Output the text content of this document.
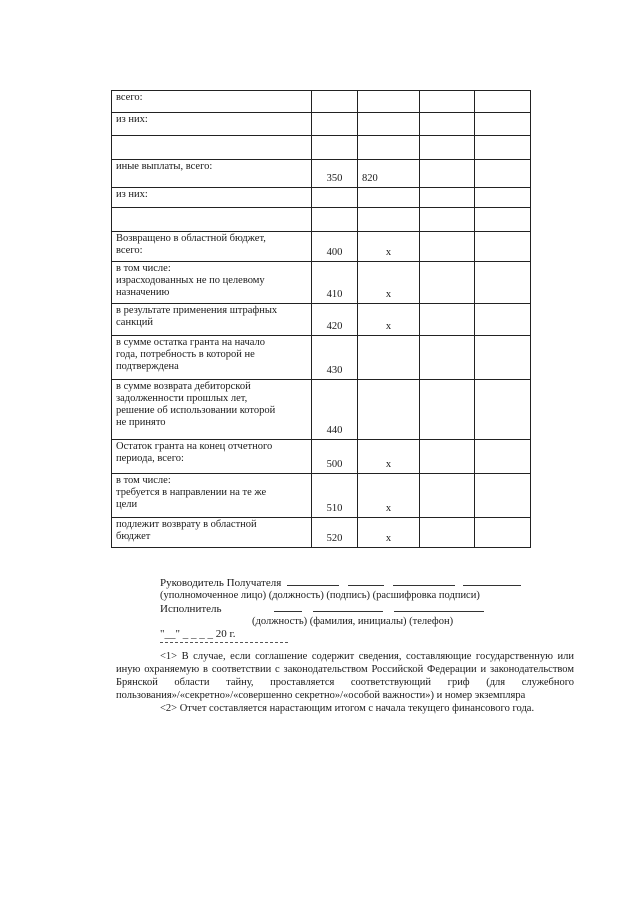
всего:				

из них:				

иные выплаты, всего:	350	820		

из них:				

Возвращено в областной бюджет,
всего:	400	х		

в том числе:
израсходованных не по целевому
назначению	410	х		

в результате применения штрафных
санкций	420	х		

в сумме остатка гранта на начало
года, потребность в которой не
подтверждена	430			

в сумме возврата дебиторской
задолженности прошлых лет,
решение об использовании которой
не принято	440			

Остаток гранта на конец отчетного
периода, всего:	500	х		

в том числе:
требуется в направлении на те же
цели	510	х		

подлежит возврату в областной
бюджет	520	х		
Руководитель Получателя
(уполномоченное лицо) (должность) (подпись) (расшифровка подписи)
Исполнитель
(должность) (фамилия, инициалы) (телефон)
"__" _ _ _ _ 20 г.

<1> В случае, если соглашение содержит сведения, составляющие государственную или иную охраняемую в соответствии с законодательством Российской Федерации и законодательством Брянской области тайну, проставляется соответствующий гриф (для служебного пользования»/«секретно»/«совершенно секретно»/«особой важности») и номер экземпляра

<2> Отчет составляется нарастающим итогом с начала текущего финансового года.
